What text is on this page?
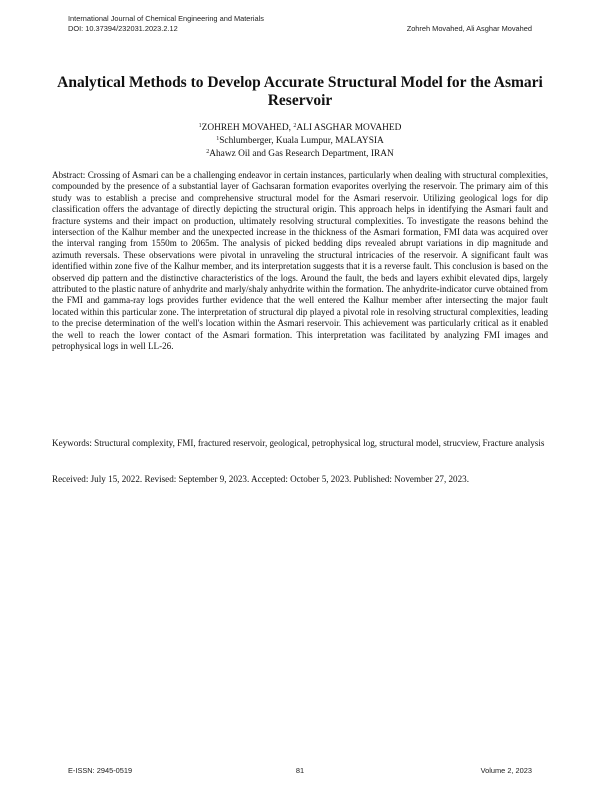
International Journal of Chemical Engineering and Materials
DOI: 10.37394/232031.2023.2.12	Zohreh Movahed, Ali Asghar Movahed
Analytical Methods to Develop Accurate Structural Model for the Asmari Reservoir
$^1$ZOHREH MOVAHED, $^2$ALI ASGHAR MOVAHED
$^1$Schlumberger, Kuala Lumpur, MALAYSIA
$^2$Ahawz Oil and Gas Research Department, IRAN

Abstract: Crossing of Asmari can be a challenging endeavor in certain instances, particularly when dealing with structural complexities, compounded by the presence of a substantial layer of Gachsaran formation evaporites overlying the reservoir. The primary aim of this study was to establish a precise and comprehensive structural model for the Asmari reservoir. Utilizing geological logs for dip classification offers the advantage of directly depicting the structural origin. This approach helps in identifying the Asmari fault and fracture systems and their impact on production, ultimately resolving structural complexities. To investigate the reasons behind the intersection of the Kalhur member and the unexpected increase in the thickness of the Asmari formation, FMI data was acquired over the interval ranging from 1550m to 2065m. The analysis of picked bedding dips revealed abrupt variations in dip magnitude and azimuth reversals. These observations were pivotal in unraveling the structural intricacies of the reservoir. A significant fault was identified within zone five of the Kalhur member, and its interpretation suggests that it is a reverse fault. This conclusion is based on the observed dip pattern and the distinctive characteristics of the logs. Around the fault, the beds and layers exhibit elevated dips, largely attributed to the plastic nature of anhydrite and marly/shaly anhydrite within the formation. The anhydrite-indicator curve obtained from the FMI and gamma-ray logs provides further evidence that the well entered the Kalhur member after intersecting the major fault located within this particular zone. The interpretation of structural dip played a pivotal role in resolving structural complexities, leading to the precise determination of the well's location within the Asmari reservoir. This achievement was particularly critical as it enabled the well to reach the lower contact of the Asmari formation. This interpretation was facilitated by analyzing FMI images and petrophysical logs in well LL-26.

Keywords: Structural complexity, FMI, fractured reservoir, geological, petrophysical log, structural model, strucview, Fracture analysis

Received: July 15, 2022. Revised: September 9, 2023. Accepted: October 5, 2023. Published: November 27, 2023.

E-ISSN: 2945-0519	81	Volume 2, 2023
